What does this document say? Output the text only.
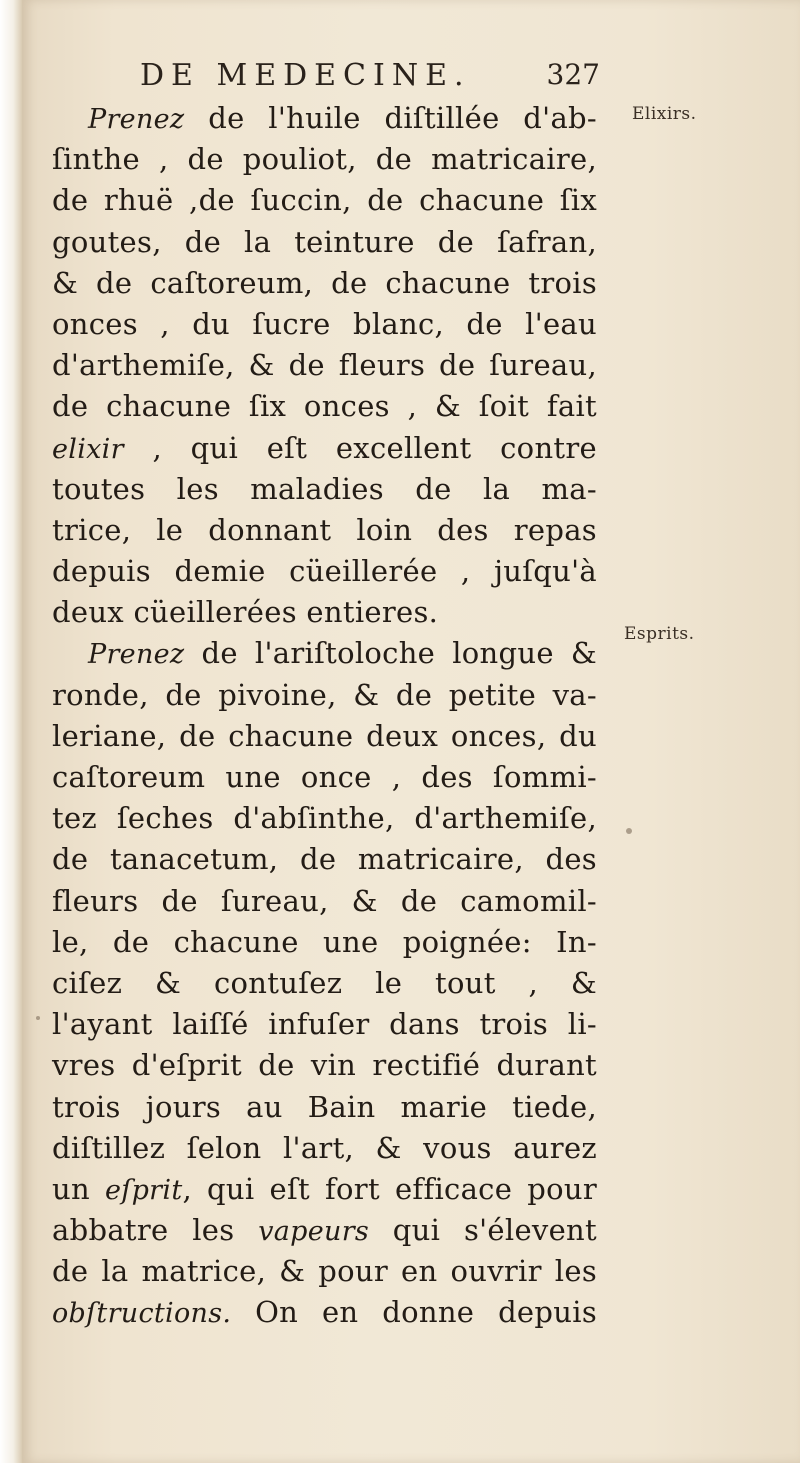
DE MEDECINE.	327
Elixirs.
Esprits.
Prenez de l'huile diſtillée d'ab-
ſinthe , de pouliot, de matricaire,
de rhuë ,de ſuccin, de chacune ſix
goutes, de la teinture de ſafran,
& de caſtoreum, de chacune trois
onces , du ſucre blanc, de l'eau
d'arthemiſe, & de fleurs de ſureau,
de chacune ſix onces , & ſoit fait
elixir , qui eſt excellent contre
toutes les maladies de la ma-
trice, le donnant loin des repas
depuis demie cüeillerée , juſqu'à
deux cüeillerées entieres.
Prenez de l'ariſtoloche longue &
ronde, de pivoine, & de petite va-
leriane, de chacune deux onces, du
caſtoreum une once , des ſommi-
tez ſeches d'abſinthe, d'arthemiſe,
de tanacetum, de matricaire, des
fleurs de ſureau, & de camomil-
le, de chacune une poignée: In-
ciſez & contuſez le tout , &
l'ayant laiſſé infuſer dans trois li-
vres d'eſprit de vin rectifié durant
trois jours au Bain marie tiede,
diſtillez ſelon l'art, & vous aurez
un eſprit, qui eſt fort efficace pour
abbatre les vapeurs qui s'élevent
de la matrice, & pour en ouvrir les
obſtructions. On en donne depuis
